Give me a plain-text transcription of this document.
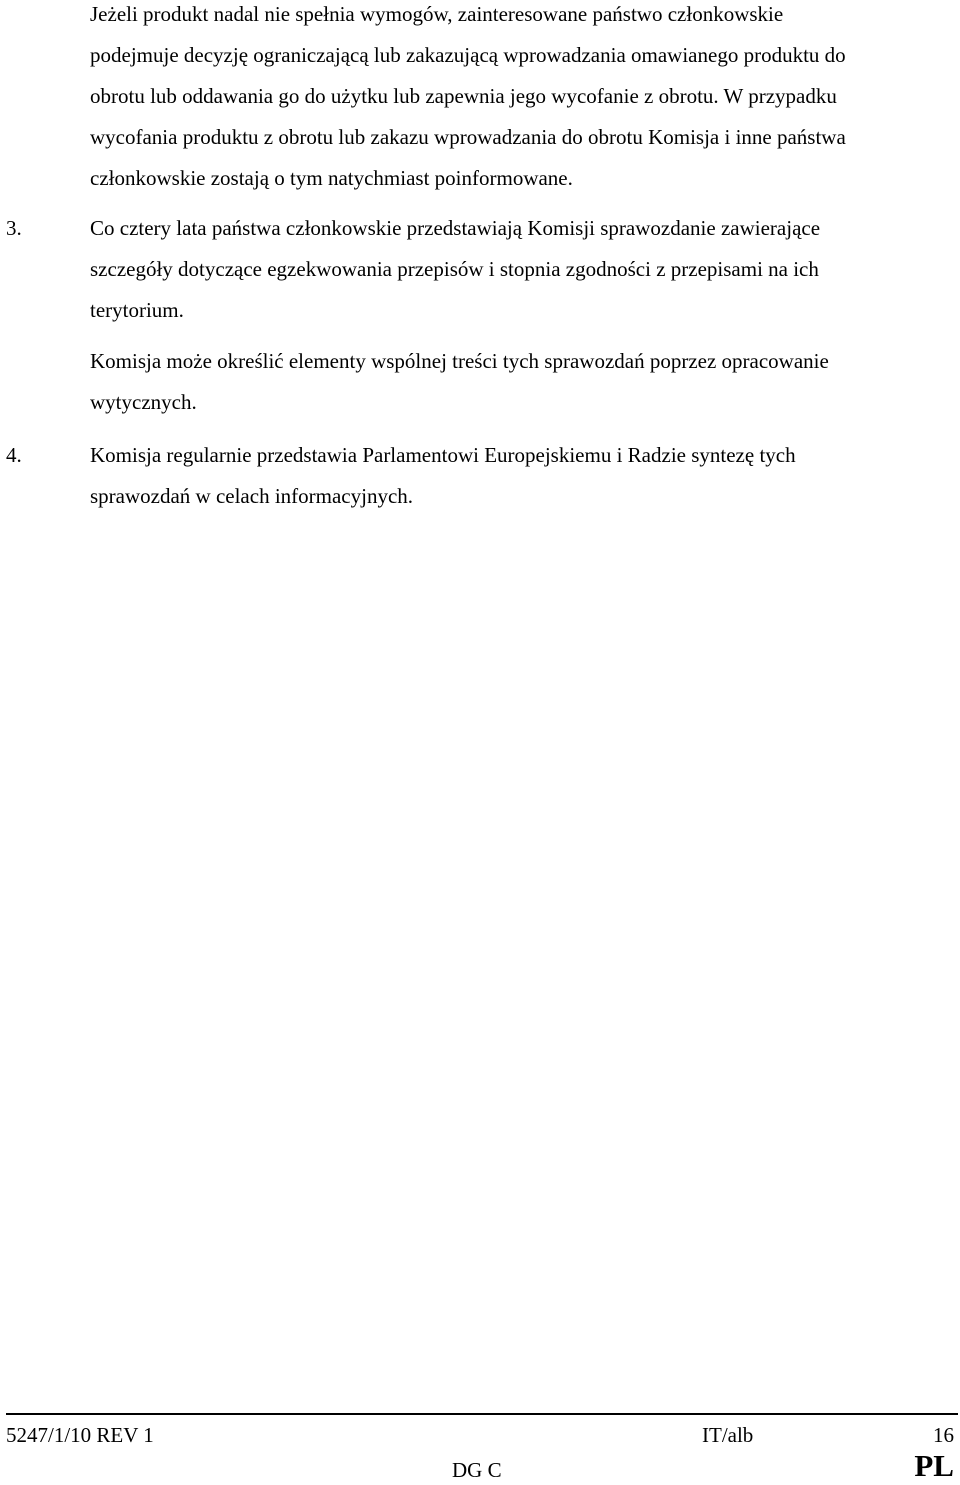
Jeżeli produkt nadal nie spełnia wymogów, zainteresowane państwo członkowskie
podejmuje decyzję ograniczającą lub zakazującą wprowadzania omawianego produktu do
obrotu lub oddawania go do użytku lub zapewnia jego wycofanie z obrotu. W przypadku
wycofania produktu z obrotu lub zakazu wprowadzania do obrotu Komisja i inne państwa
członkowskie zostają o tym natychmiast poinformowane.
3.	Co cztery lata państwa członkowskie przedstawiają Komisji sprawozdanie zawierające
szczegóły dotyczące egzekwowania przepisów i stopnia zgodności z przepisami na ich
terytorium.
Komisja może określić elementy wspólnej treści tych sprawozdań poprzez opracowanie
wytycznych.
4.	Komisja regularnie przedstawia Parlamentowi Europejskiemu i Radzie syntezę tych
sprawozdań w celach informacyjnych.
5247/1/10 REV 1	IT/alb	16
DG C	PL
